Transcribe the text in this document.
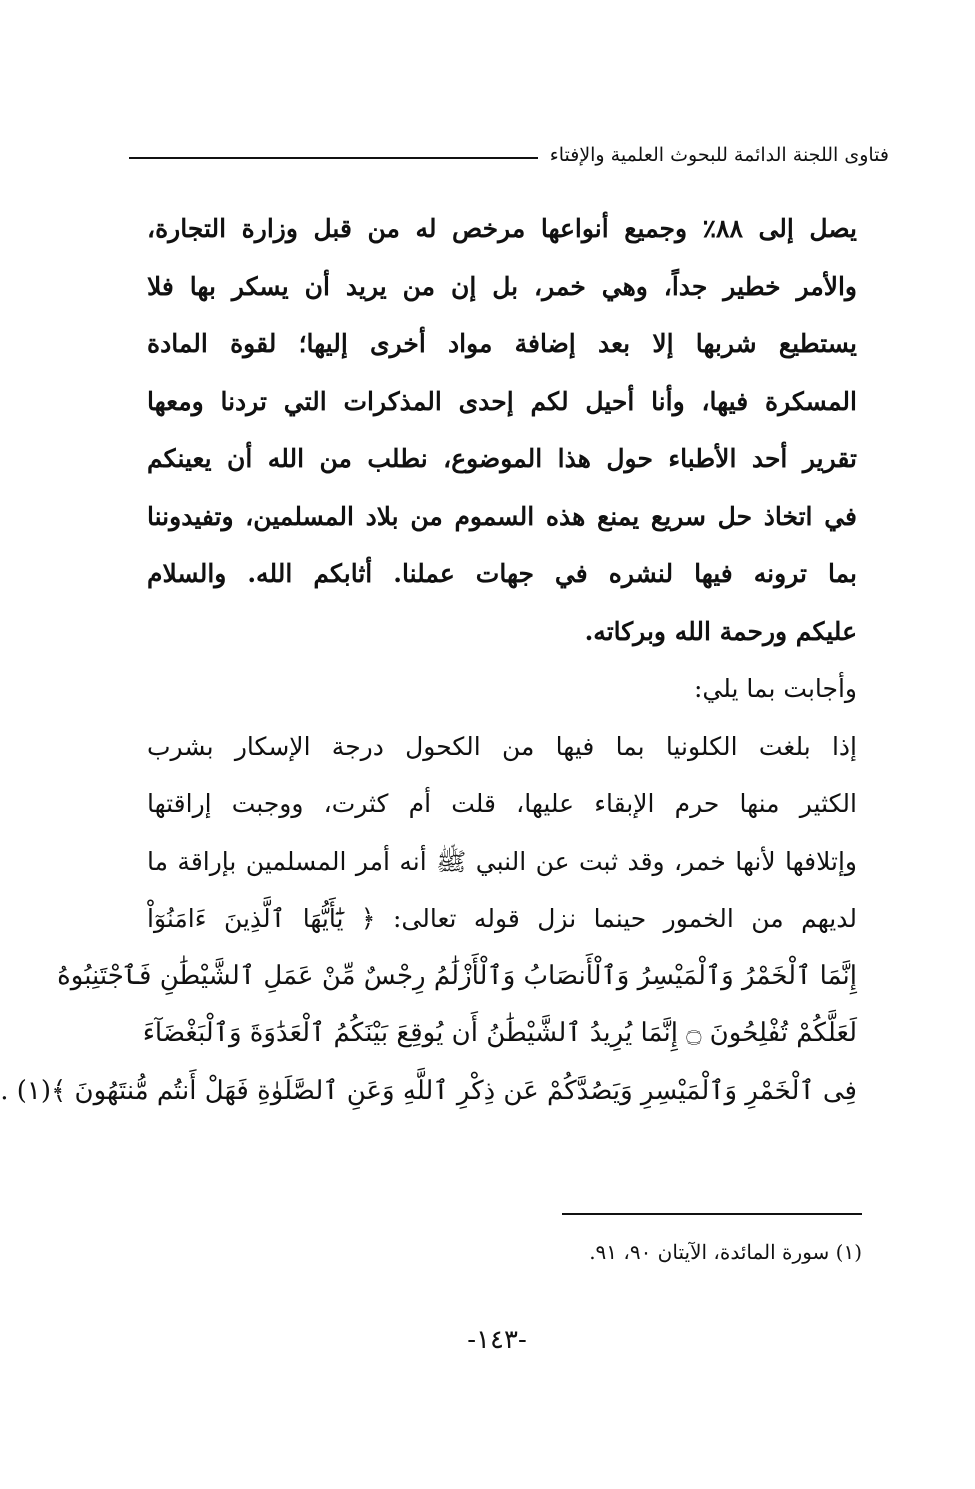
فتاوى اللجنة الدائمة للبحوث العلمية والإفتاء
يصل إلى ٨٨٪ وجميع أنواعها مرخص له من قبل وزارة التجارة،
والأمر خطير جداً، وهي خمر، بل إن من يريد أن يسكر بها فلا
يستطيع شربها إلا بعد إضافة مواد أخرى إليها؛ لقوة المادة
المسكرة فيها، وأنا أحيل لكم إحدى المذكرات التي تردنا ومعها
تقرير أحد الأطباء حول هذا الموضوع، نطلب من الله أن يعينكم
في اتخاذ حل سريع يمنع هذه السموم من بلاد المسلمين، وتفيدوننا
بما ترونه فيها لنشره في جهات عملنا. أثابكم الله. والسلام
عليكم ورحمة الله وبركاته.
وأجابت بما يلي:
إذا بلغت الكلونيا بما فيها من الكحول درجة الإسكار بشرب
الكثير منها حرم الإبقاء عليها، قلت أم كثرت، ووجبت إراقتها
وإتلافها لأنها خمر، وقد ثبت عن النبي ﷺ أنه أمر المسلمين بإراقة ما
لديهم من الخمور حينما نزل قوله تعالى: ﴿ يَٰٓأَيُّهَا ٱلَّذِينَ ءَامَنُوٓاْ
إِنَّمَا ٱلْخَمْرُ وَٱلْمَيْسِرُ وَٱلْأَنصَابُ وَٱلْأَزْلَٰمُ رِجْسٌ مِّنْ عَمَلِ ٱلشَّيْطَٰنِ فَٱجْتَنِبُوهُ
لَعَلَّكُمْ تُفْلِحُونَ ۝ إِنَّمَا يُرِيدُ ٱلشَّيْطَٰنُ أَن يُوقِعَ بَيْنَكُمُ ٱلْعَدَٰوَةَ وَٱلْبَغْضَآءَ
فِى ٱلْخَمْرِ وَٱلْمَيْسِرِ وَيَصُدَّكُمْ عَن ذِكْرِ ٱللَّهِ وَعَنِ ٱلصَّلَوٰةِ فَهَلْ أَنتُم مُّنتَهُونَ ﴾(١) .
(١) سورة المائدة، الآيتان ٩٠، ٩١.
-١٤٣-
